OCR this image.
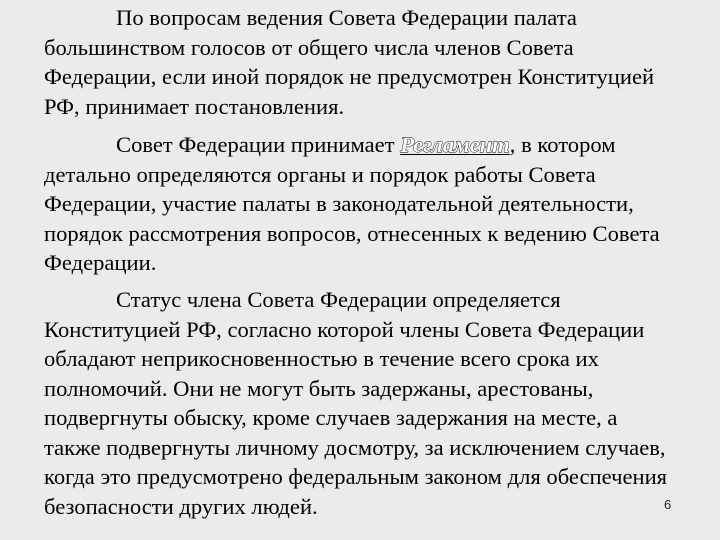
По вопросам ведения Совета Федерации палата
большинством голосов от общего числа членов Совета
Федерации, если иной порядок не предусмотрен Конституцией
РФ, принимает постановления.

Совет Федерации принимает Регламент, в котором
детально определяются органы и порядок работы Совета
Федерации, участие палаты в законодательной деятельности,
порядок рассмотрения вопросов, отнесенных к ведению Совета
Федерации.

Статус члена Совета Федерации определяется
Конституцией РФ, согласно которой члены Совета Федерации
обладают неприкосновенностью в течение всего срока их
полномочий. Они не могут быть задержаны, арестованы,
подвергнуты обыску, кроме случаев задержания на месте, а
также подвергнуты личному досмотру, за исключением случаев,
когда это предусмотрено федеральным законом для обеспечения
безопасности других людей.	6
